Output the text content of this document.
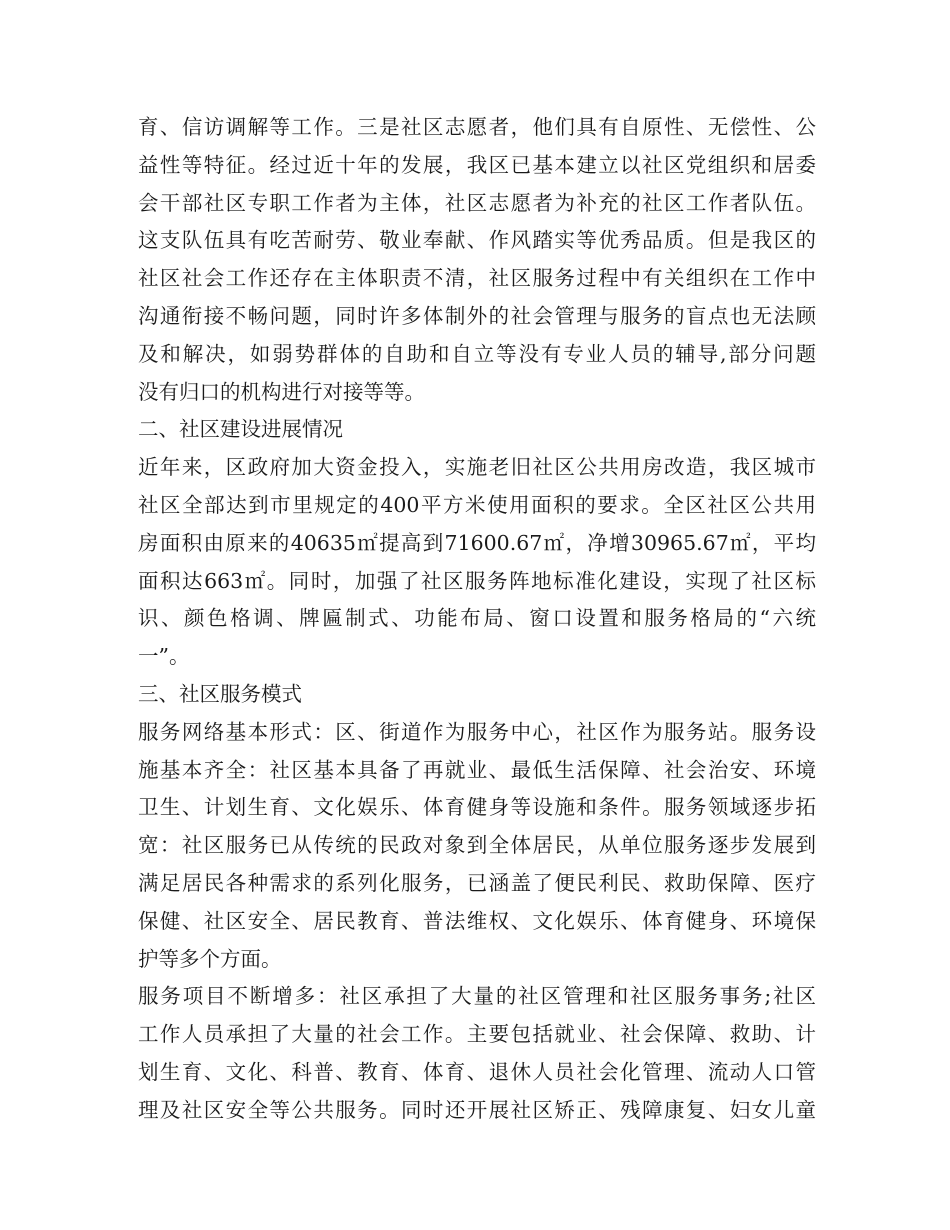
育、信访调解等工作。三是社区志愿者，他们具有自原性、无偿性、公
益性等特征。经过近十年的发展，我区已基本建立以社区党组织和居委
会干部社区专职工作者为主体，社区志愿者为补充的社区工作者队伍。
这支队伍具有吃苦耐劳、敬业奉献、作风踏实等优秀品质。但是我区的
社区社会工作还存在主体职责不清，社区服务过程中有关组织在工作中
沟通衔接不畅问题，同时许多体制外的社会管理与服务的盲点也无法顾
及和解决，如弱势群体的自助和自立等没有专业人员的辅导,部分问题
没有归口的机构进行对接等等。
二、社区建设进展情况
近年来，区政府加大资金投入，实施老旧社区公共用房改造，我区城市
社区全部达到市里规定的400平方米使用面积的要求。全区社区公共用
房面积由原来的40635㎡提高到71600.67㎡，净增30965.67㎡，平均
面积达663㎡。同时，加强了社区服务阵地标准化建设，实现了社区标
识、颜色格调、牌匾制式、功能布局、窗口设置和服务格局的“六统
一”。
三、社区服务模式
服务网络基本形式：区、街道作为服务中心，社区作为服务站。服务设
施基本齐全：社区基本具备了再就业、最低生活保障、社会治安、环境
卫生、计划生育、文化娱乐、体育健身等设施和条件。服务领域逐步拓
宽：社区服务已从传统的民政对象到全体居民，从单位服务逐步发展到
满足居民各种需求的系列化服务，已涵盖了便民利民、救助保障、医疗
保健、社区安全、居民教育、普法维权、文化娱乐、体育健身、环境保
护等多个方面。
服务项目不断增多：社区承担了大量的社区管理和社区服务事务;社区
工作人员承担了大量的社会工作。主要包括就业、社会保障、救助、计
划生育、文化、科普、教育、体育、退休人员社会化管理、流动人口管
理及社区安全等公共服务。同时还开展社区矫正、残障康复、妇女儿童
